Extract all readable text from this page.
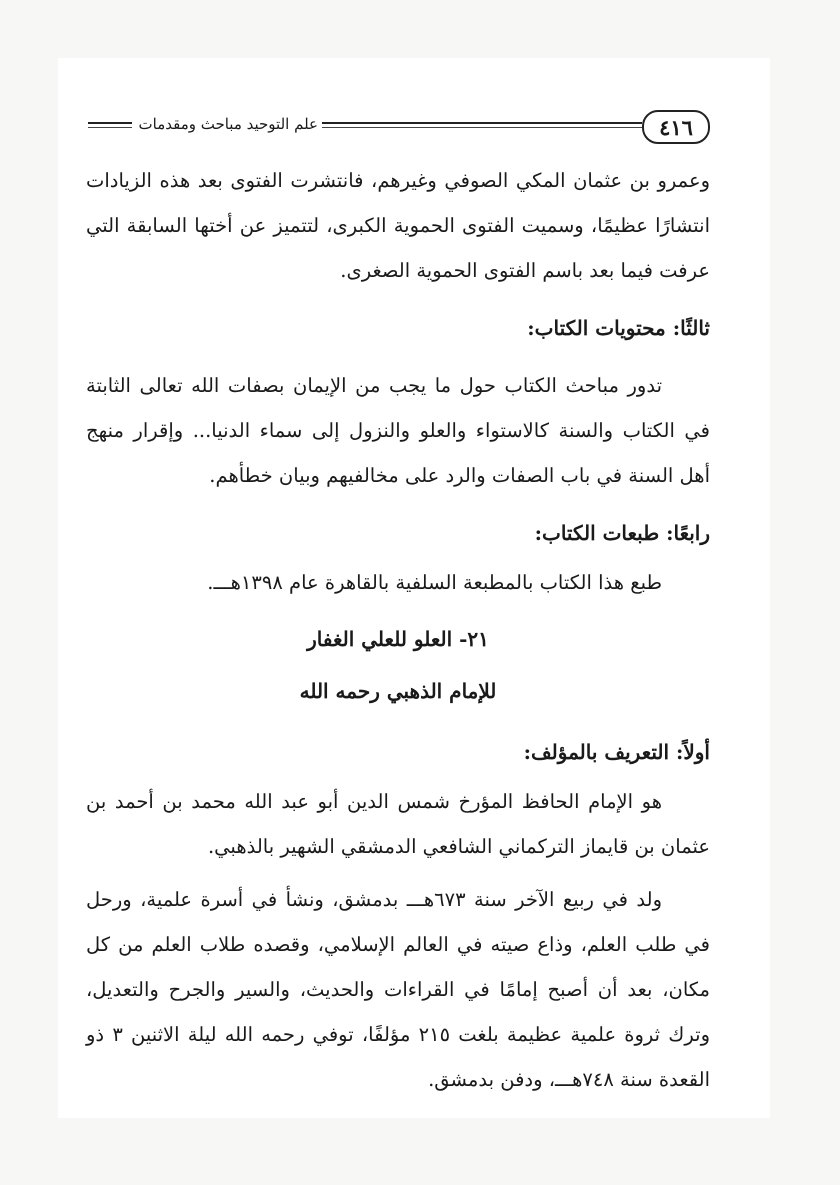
٤١٦
علم التوحيد مباحث ومقدمات

وعمرو بن عثمان المكي الصوفي وغيرهم، فانتشرت الفتوى بعد هذه الزيادات انتشارًا عظيمًا، وسميت الفتوى الحموية الكبرى، لتتميز عن أختها السابقة التي عرفت فيما بعد باسم الفتوى الحموية الصغرى.

ثالثًا: محتويات الكتاب:

تدور مباحث الكتاب حول ما يجب من الإيمان بصفات الله تعالى الثابتة في الكتاب والسنة كالاستواء والعلو والنزول إلى سماء الدنيا... وإقرار منهج أهل السنة في باب الصفات والرد على مخالفيهم وبيان خطأهم.

رابعًا: طبعات الكتاب:

طبع هذا الكتاب بالمطبعة السلفية بالقاهرة عام ١٣٩٨هـــ.

٢١- العلو للعلي الغفار

للإمام الذهبي رحمه الله

أولاً: التعريف بالمؤلف:

هو الإمام الحافظ المؤرخ شمس الدين أبو عبد الله محمد بن أحمد بن عثمان بن قايماز التركماني الشافعي الدمشقي الشهير بالذهبي.

ولد في ربيع الآخر سنة ٦٧٣هـــ بدمشق، ونشأ في أسرة علمية، ورحل في طلب العلم، وذاع صيته في العالم الإسلامي، وقصده طلاب العلم من كل مكان، بعد أن أصبح إمامًا في القراءات والحديث، والسير والجرح والتعديل، وترك ثروة علمية عظيمة بلغت ٢١٥ مؤلفًا، توفي رحمه الله ليلة الاثنين ٣ ذو القعدة سنة ٧٤٨هـــ، ودفن بدمشق.
